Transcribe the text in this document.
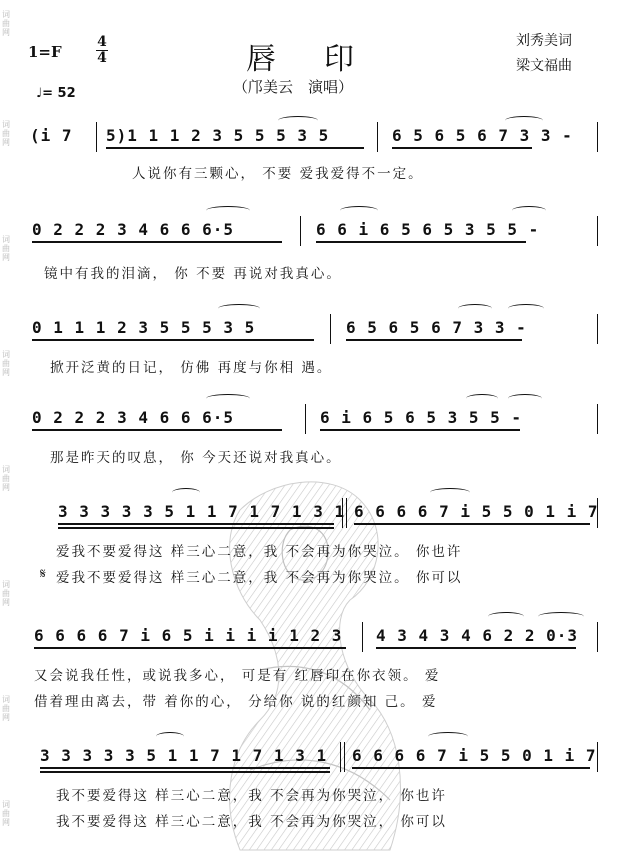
词曲网
词曲网
词曲网
词曲网
词曲网
词曲网
词曲网
词曲网
1=F
4
4
♩= 52
唇印
（邝美云　演唱）
刘秀美词
梁文福曲
(i 7 5)1 1 1 2 3 5 5 5 3 5	6 5 6 5 6 7 3 3 -
人说你有三颗心， 不要 爱我爱得不一定。
0 2 2 2 3 4 6 6 6·5	6 6 i 6 5 6 5 3 5 5 -
镜中有我的泪滴， 你 不要 再说对我真心。
0 1 1 1 2 3 5 5 5 3 5	6 5 6 5 6 7 3 3 -
掀开泛黄的日记， 仿佛 再度与你相 遇。
0 2 2 2 3 4 6 6 6·5	6 i 6 5 6 5 3 5 5 -
那是昨天的叹息， 你 今天还说对我真心。
3 3 3 3 3 5 1 1 7 1 7 1 3 1 6 6 6 6 7 i 5 5 0 1 i 7
爱我不要爱得这 样三心二意，我 不会再为你哭泣。 你也许
𝄋 爱我不要爱得这 样三心二意，我 不会再为你哭泣。 你可以
6 6 6 6 7 i 6 5 i i i i 1 2 3 4 3 4 3 4 6 2 2 0·3
又会说我任性，或说我多心， 可是有 红唇印在你衣领。 爱
借着理由离去，带 着你的心， 分给你 说的红颜知 己。 爱
3 3 3 3 3 5 1 1 7 1 7 1 3 1 6 6 6 6 7 i 5 5 0 1 i 7
我不要爱得这 样三心二意，我 不会再为你哭泣， 你也许
我不要爱得这 样三心二意，我 不会再为你哭泣， 你可以
